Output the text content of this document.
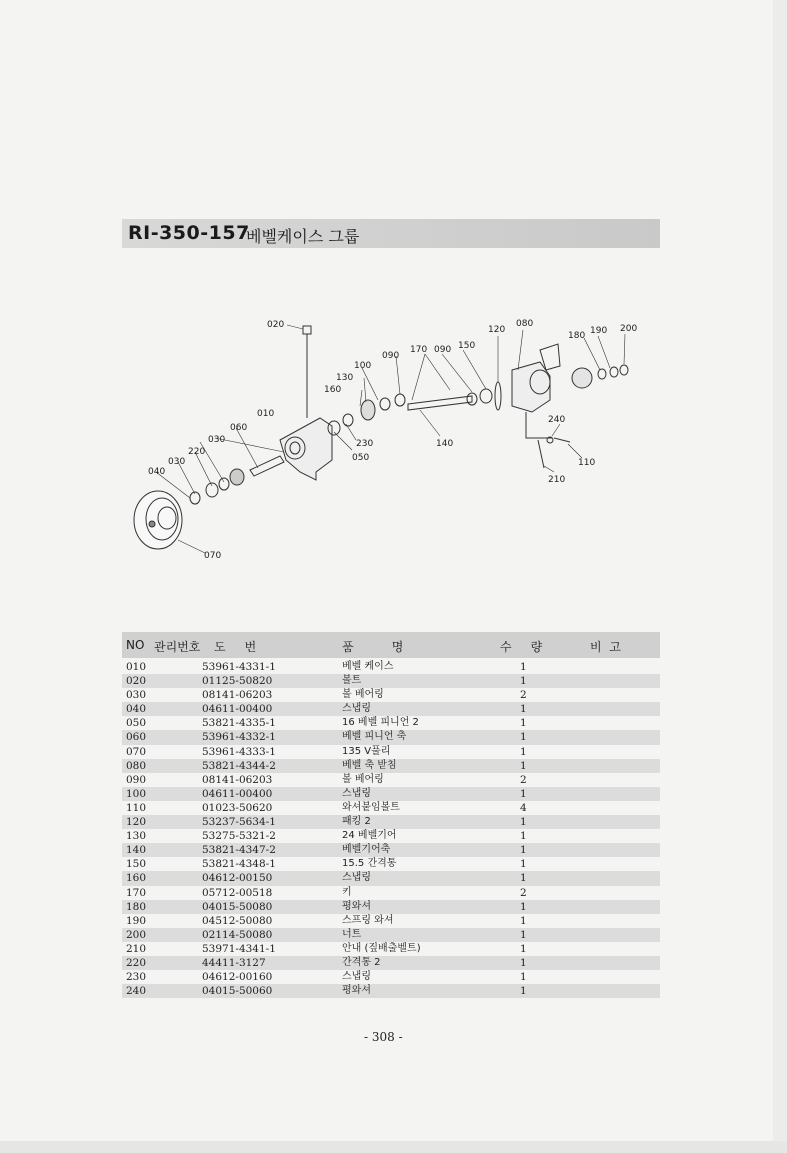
RI-350-157
베벨케이스 그룹
020
010
060
030
220
030
040
070
050
230
160
130
100
090
170 090 150
120
080
140
180 190 200
240
110
210
NO 관리번호 도     번	품          명	수     량	비  고
010	53961-4331-1	베벨 케이스	1
020	01125-50820	볼트	1
030	08141-06203	볼 베어링	2
040	04611-00400	스냅링	1
050	53821-4335-1	16 베벨 피니언 2	1
060	53961-4332-1	베벨 피니언 축	1
070	53961-4333-1	135 V풀리	1
080	53821-4344-2	베벨 축 받침	1
090	08141-06203	볼 베어링	2
100	04611-00400	스냅링	1
110	01023-50620	와셔붙임볼트	4
120	53237-5634-1	패킹 2	1
130	53275-5321-2	24 베벨기어	1
140	53821-4347-2	베벨기어축	1
150	53821-4348-1	15.5 간격통	1
160	04612-00150	스냅링	1
170	05712-00518	키	2
180	04015-50080	평와셔	1
190	04512-50080	스프링 와셔	1
200	02114-50080	너트	1
210	53971-4341-1	안내 (짚배출벨트)	1
220	44411-3127	간격통 2	1
230	04612-00160	스냅링	1
240	04015-50060	평와셔	1
- 308 -
